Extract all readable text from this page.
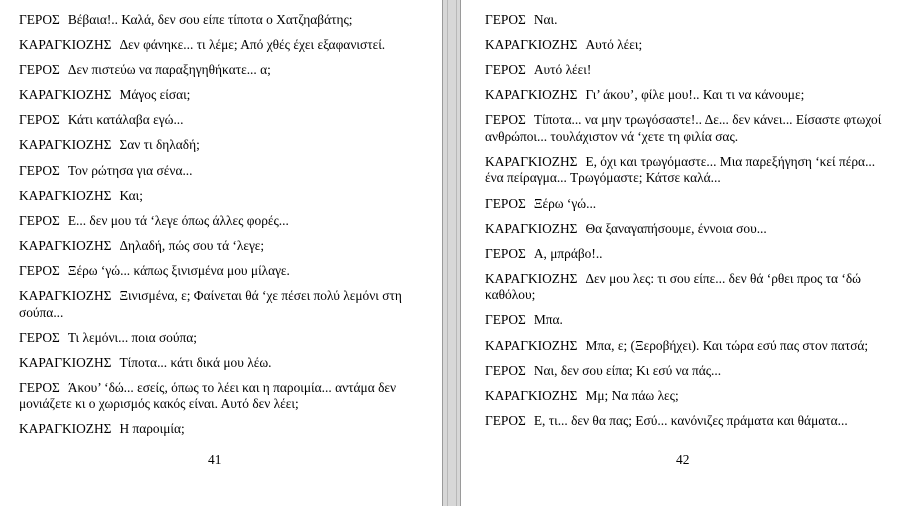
ΓΕΡΟΣ Βέβαια!.. Καλά, δεν σου είπε τίποτα ο Χατζηαβάτης;

ΚΑΡΑΓΚΙΟΖΗΣ Δεν φάνηκε... τι λέμε; Από χθές έχει εξαφανιστεί.

ΓΕΡΟΣ Δεν πιστεύω να παραξηγηθήκατε... α;

ΚΑΡΑΓΚΙΟΖΗΣ Μάγος είσαι;

ΓΕΡΟΣ Κάτι κατάλαβα εγώ...

ΚΑΡΑΓΚΙΟΖΗΣ Σαν τι δηλαδή;

ΓΕΡΟΣ Τον ρώτησα για σένα...

ΚΑΡΑΓΚΙΟΖΗΣ Και;

ΓΕΡΟΣ Ε... δεν μου τά ‘λεγε όπως άλλες φορές...

ΚΑΡΑΓΚΙΟΖΗΣ Δηλαδή, πώς σου τά ‘λεγε;

ΓΕΡΟΣ Ξέρω ‘γώ... κάπως ξινισμένα μου μίλαγε.

ΚΑΡΑΓΚΙΟΖΗΣ Ξινισμένα, ε; Φαίνεται θά ‘χε πέσει πολύ λεμόνι στη σούπα...

ΓΕΡΟΣ Τι λεμόνι... ποια σούπα;

ΚΑΡΑΓΚΙΟΖΗΣ Τίποτα... κάτι δικά μου λέω.

ΓΕΡΟΣ Άκου’ ‘δώ... εσείς, όπως το λέει και η παροιμία... αντάμα δεν μονιάζετε κι ο χωρισμός κακός είναι. Αυτό δεν λέει;

ΚΑΡΑΓΚΙΟΖΗΣ Η παροιμία;

41

ΓΕΡΟΣ Ναι.

ΚΑΡΑΓΚΙΟΖΗΣ Αυτό λέει;

ΓΕΡΟΣ Αυτό λέει!

ΚΑΡΑΓΚΙΟΖΗΣ Γι’ άκου’, φίλε μου!.. Και τι να κάνουμε;

ΓΕΡΟΣ Τίποτα... να μην τρωγόσαστε!.. Δε... δεν κάνει... Είσαστε φτωχοί ανθρώποι... τουλάχιστον νά ‘χετε τη φιλία σας.

ΚΑΡΑΓΚΙΟΖΗΣ Ε, όχι και τρωγόμαστε... Μια παρεξήγηση ‘κεί πέρα... ένα πείραγμα... Τρωγόμαστε; Κάτσε καλά...

ΓΕΡΟΣ Ξέρω ‘γώ...

ΚΑΡΑΓΚΙΟΖΗΣ Θα ξαναγαπήσουμε, έννοια σου...

ΓΕΡΟΣ Α, μπράβο!..

ΚΑΡΑΓΚΙΟΖΗΣ Δεν μου λες: τι σου είπε... δεν θά ‘ρθει προς τα ‘δώ καθόλου;

ΓΕΡΟΣ Μπα.

ΚΑΡΑΓΚΙΟΖΗΣ Μπα, ε; (Ξεροβήχει). Και τώρα εσύ πας στον πατσά;

ΓΕΡΟΣ Ναι, δεν σου είπα; Κι εσύ να πάς...

ΚΑΡΑΓΚΙΟΖΗΣ Μμ; Να πάω λες;

ΓΕΡΟΣ Ε, τι... δεν θα πας; Εσύ... κανόνιζες πράματα και θάματα...

42
